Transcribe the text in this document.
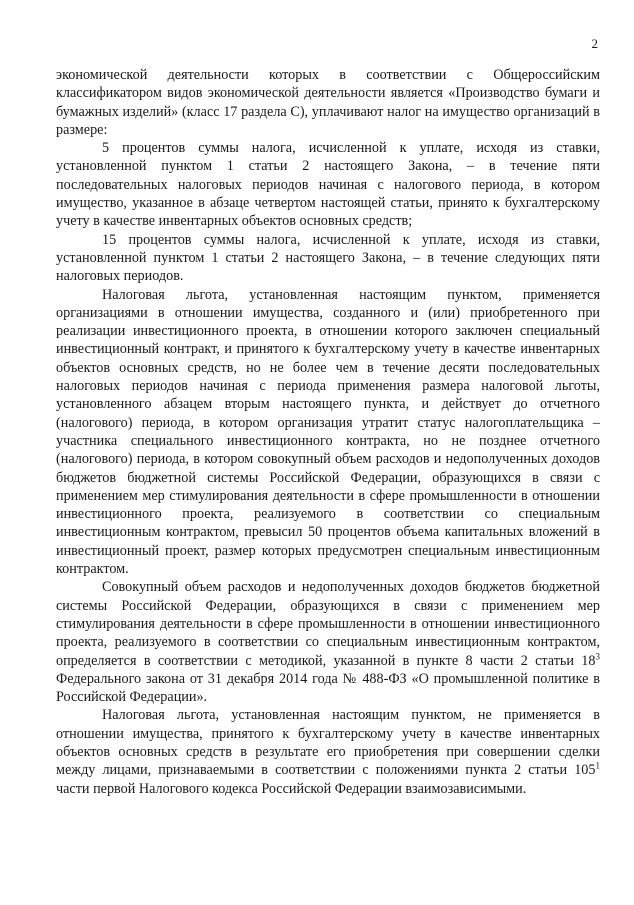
2

экономической деятельности которых в соответствии с Общероссийским классификатором видов экономической деятельности является «Производство бумаги и бумажных изделий» (класс 17 раздела C), уплачивают налог на имущество организаций в размере:

5 процентов суммы налога, исчисленной к уплате, исходя из ставки, установленной пунктом 1 статьи 2 настоящего Закона, – в течение пяти последовательных налоговых периодов начиная с налогового периода, в котором имущество, указанное в абзаце четвертом настоящей статьи, принято к бухгалтерскому учету в качестве инвентарных объектов основных средств;

15 процентов суммы налога, исчисленной к уплате, исходя из ставки, установленной пунктом 1 статьи 2 настоящего Закона, – в течение следующих пяти налоговых периодов.

Налоговая льгота, установленная настоящим пунктом, применяется организациями в отношении имущества, созданного и (или) приобретенного при реализации инвестиционного проекта, в отношении которого заключен специальный инвестиционный контракт, и принятого к бухгалтерскому учету в качестве инвентарных объектов основных средств, но не более чем в течение десяти последовательных налоговых периодов начиная с периода применения размера налоговой льготы, установленного абзацем вторым настоящего пункта, и действует до отчетного (налогового) периода, в котором организация утратит статус налогоплательщика – участника специального инвестиционного контракта, но не позднее отчетного (налогового) периода, в котором совокупный объем расходов и недополученных доходов бюджетов бюджетной системы Российской Федерации, образующихся в связи с применением мер стимулирования деятельности в сфере промышленности в отношении инвестиционного проекта, реализуемого в соответствии со специальным инвестиционным контрактом, превысил 50 процентов объема капитальных вложений в инвестиционный проект, размер которых предусмотрен специальным инвестиционным контрактом.

Совокупный объем расходов и недополученных доходов бюджетов бюджетной системы Российской Федерации, образующихся в связи с применением мер стимулирования деятельности в сфере промышленности в отношении инвестиционного проекта, реализуемого в соответствии со специальным инвестиционным контрактом, определяется в соответствии с методикой, указанной в пункте 8 части 2 статьи $18^3$ Федерального закона от 31 декабря 2014 года № 488-ФЗ «О промышленной политике в Российской Федерации».

Налоговая льгота, установленная настоящим пунктом, не применяется в отношении имущества, принятого к бухгалтерскому учету в качестве инвентарных объектов основных средств в результате его приобретения при совершении сделки между лицами, признаваемыми в соответствии с положениями пункта 2 статьи $105^1$ части первой Налогового кодекса Российской Федерации взаимозависимыми.
